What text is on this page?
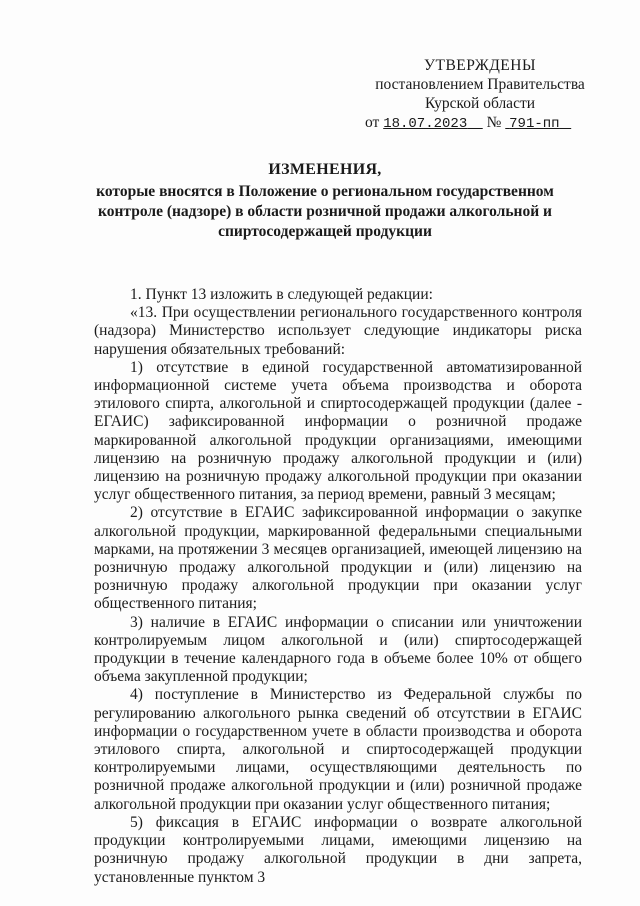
УТВЕРЖДЕНЫ
постановлением Правительства
Курской области
от 18.07.2023 № 791-пп
ИЗМЕНЕНИЯ,
которые вносятся в Положение о региональном государственном контроле (надзоре) в области розничной продажи алкогольной и спиртосодержащей продукции

1. Пункт 13 изложить в следующей редакции:

«13. При осуществлении регионального государственного контроля (надзора) Министерство использует следующие индикаторы риска нарушения обязательных требований:

1) отсутствие в единой государственной автоматизированной информационной системе учета объема производства и оборота этилового спирта, алкогольной и спиртосодержащей продукции (далее - ЕГАИС) зафиксированной информации о розничной продаже маркированной алкогольной продукции организациями, имеющими лицензию на розничную продажу алкогольной продукции и (или) лицензию на розничную продажу алкогольной продукции при оказании услуг общественного питания, за период времени, равный 3 месяцам;

2) отсутствие в ЕГАИС зафиксированной информации о закупке алкогольной продукции, маркированной федеральными специальными марками, на протяжении 3 месяцев организацией, имеющей лицензию на розничную продажу алкогольной продукции и (или) лицензию на розничную продажу алкогольной продукции при оказании услуг общественного питания;

3) наличие в ЕГАИС информации о списании или уничтожении контролируемым лицом алкогольной и (или) спиртосодержащей продукции в течение календарного года в объеме более 10% от общего объема закупленной продукции;

4) поступление в Министерство из Федеральной службы по регулированию алкогольного рынка сведений об отсутствии в ЕГАИС информации о государственном учете в области производства и оборота этилового спирта, алкогольной и спиртосодержащей продукции контролируемыми лицами, осуществляющими деятельность по розничной продаже алкогольной продукции и (или) розничной продаже алкогольной продукции при оказании услуг общественного питания;

5) фиксация в ЕГАИС информации о возврате алкогольной продукции контролируемыми лицами, имеющими лицензию на розничную продажу алкогольной продукции в дни запрета, установленные пунктом 3
